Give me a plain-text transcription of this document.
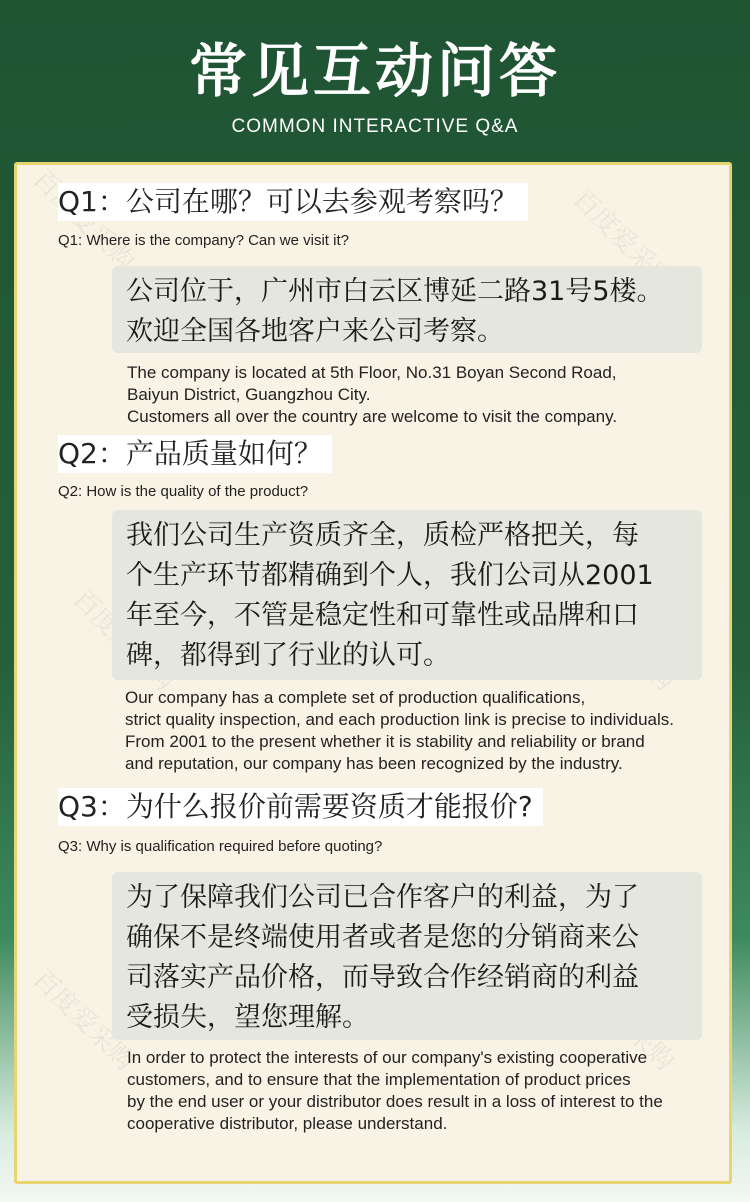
常见互动问答
COMMON INTERACTIVE Q&A
Q1：公司在哪？可以去参观考察吗？
Q1: Where is the company? Can we visit it?

公司位于，广州市白云区博延二路31号5楼。

欢迎全国各地客户来公司考察。

The company is located at 5th Floor, No.31 Boyan Second Road,
Baiyun District, Guangzhou City.
Customers all over the country are welcome to visit the company.
Q2：产品质量如何？
Q2: How is the quality of the product?

我们公司生产资质齐全，质检严格把关，每

个生产环节都精确到个人，我们公司从2001

年至今，不管是稳定性和可靠性或品牌和口

碑，都得到了行业的认可。

Our company has a complete set of production qualifications,
strict quality inspection, and each production link is precise to individuals.
From 2001 to the present whether it is stability and reliability or brand
and reputation, our company has been recognized by the industry.
Q3：为什么报价前需要资质才能报价?
Q3: Why is qualification required before quoting?

为了保障我们公司已合作客户的利益，为了

确保不是终端使用者或者是您的分销商来公

司落实产品价格，而导致合作经销商的利益

受损失，望您理解。

In order to protect the interests of our company's existing cooperative
customers, and to ensure that the implementation of product prices
by the end user or your distributor does result in a loss of interest to the
cooperative distributor, please understand.
